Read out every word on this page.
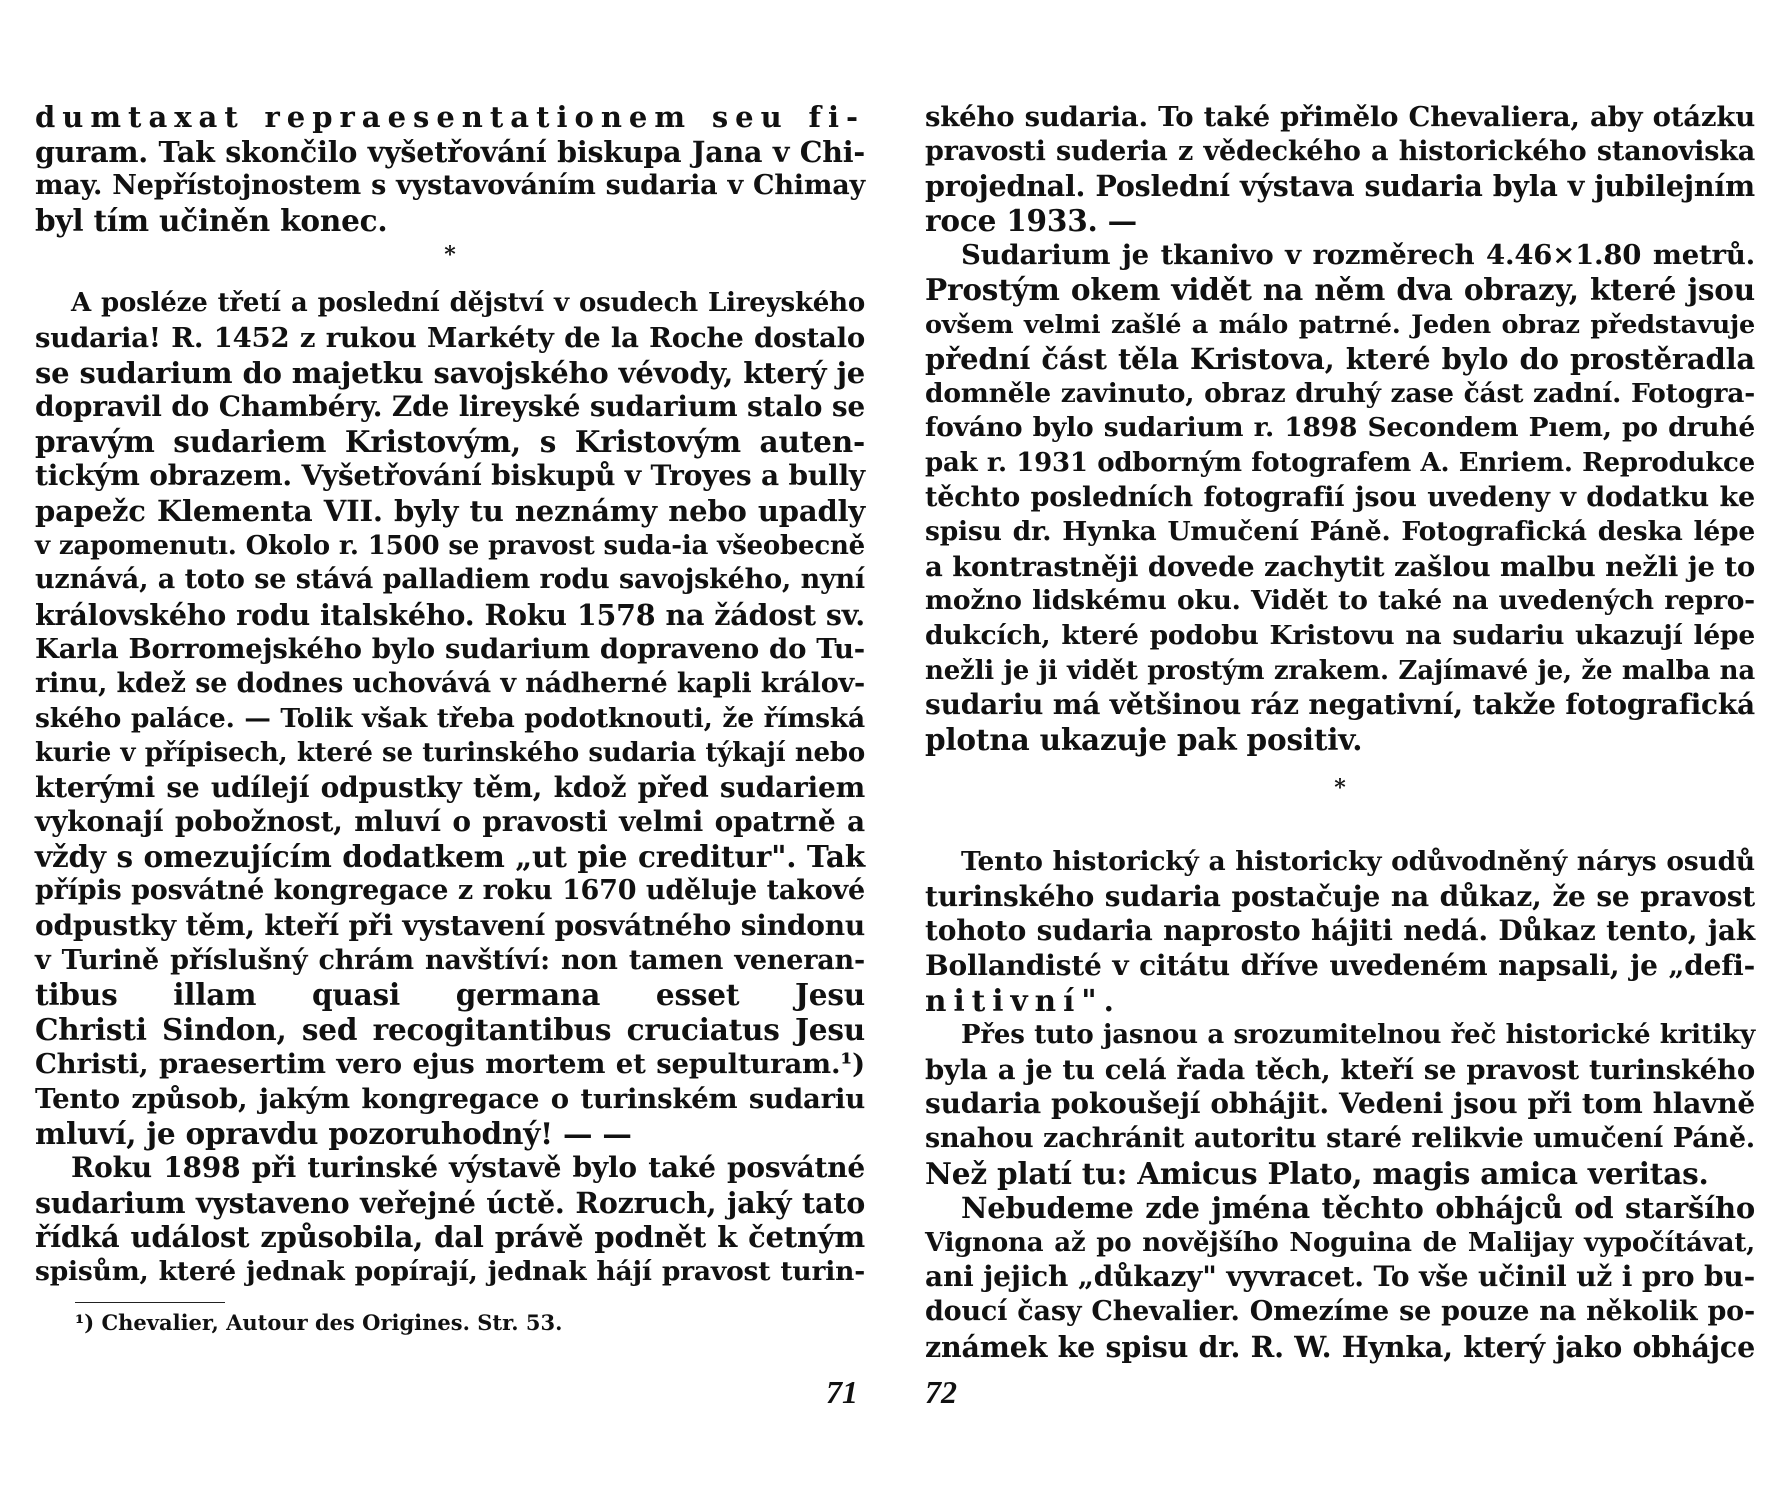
dumtaxat repraesentationem seu fi-
guram. Tak skončilo vyšetřování biskupa Jana v Chi-
may. Nepřístojnostem s vystavováním sudaria v Chimay
byl tím učiněn konec.
*
A posléze třetí a poslední dějství v osudech Lireyského
sudaria! R. 1452 z rukou Markéty de la Roche dostalo
se sudarium do majetku savojského vévody, který je
dopravil do Chambéry. Zde lireyské sudarium stalo se
pravým sudariem Kristovým, s Kristovým auten-
tickým obrazem. Vyšetřování biskupů v Troyes a bully
papežc Klementa VII. byly tu neznámy nebo upadly
v zapomenutı. Okolo r. 1500 se pravost suda-ia všeobecně
uznává, a toto se stává palladiem rodu savojského, nyní
královského rodu italského. Roku 1578 na žádost sv.
Karla Borromejského bylo sudarium dopraveno do Tu-
rinu, kdež se dodnes uchovává v nádherné kapli králov-
ského paláce. — Tolik však třeba podotknouti, že římská
kurie v přípisech, které se turinského sudaria týkají nebo
kterými se udílejí odpustky těm, kdož před sudariem
vykonají pobožnost, mluví o pravosti velmi opatrně a
vždy s omezujícím dodatkem „ut pie creditur". Tak
přípis posvátné kongregace z roku 1670 uděluje takové
odpustky těm, kteří při vystavení posvátného sindonu
v Turině příslušný chrám navštíví: non tamen veneran-
tibus illam quasi germana esset Jesu
Christi Sindon, sed recogitantibus cruciatus Jesu
Christi, praesertim vero ejus mortem et sepulturam.¹)
Tento způsob, jakým kongregace o turinském sudariu
mluví, je opravdu pozoruhodný! — —
Roku 1898 při turinské výstavě bylo také posvátné
sudarium vystaveno veřejné úctě. Rozruch, jaký tato
řídká událost způsobila, dal právě podnět k četným
spisům, které jednak popírají, jednak hájí pravost turin-
¹) Chevalier, Autour des Origines. Str. 53.
ského sudaria. To také přimělo Chevaliera, aby otázku
pravosti suderia z vědeckého a historického stanoviska
projednal. Poslední výstava sudaria byla v jubilejním
roce 1933. —
Sudarium je tkanivo v rozměrech 4.46×1.80 metrů.
Prostým okem vidět na něm dva obrazy, které jsou
ovšem velmi zašlé a málo patrné. Jeden obraz představuje
přední část těla Kristova, které bylo do prostěradla
domněle zavinuto, obraz druhý zase část zadní. Fotogra-
fováno bylo sudarium r. 1898 Secondem Pıem, po druhé
pak r. 1931 odborným fotografem A. Enriem. Reprodukce
těchto posledních fotografií jsou uvedeny v dodatku ke
spisu dr. Hynka Umučení Páně. Fotografická deska lépe
a kontrastněji dovede zachytit zašlou malbu nežli je to
možno lidskému oku. Vidět to také na uvedených repro-
dukcích, které podobu Kristovu na sudariu ukazují lépe
nežli je ji vidět prostým zrakem. Zajímavé je, že malba na
sudariu má většinou ráz negativní, takže fotografická
plotna ukazuje pak positiv.
*
Tento historický a historicky odůvodněný nárys osudů
turinského sudaria postačuje na důkaz, že se pravost
tohoto sudaria naprosto hájiti nedá. Důkaz tento, jak
Bollandisté v citátu dříve uvedeném napsali, je „defi-
nitivní".
Přes tuto jasnou a srozumitelnou řeč historické kritiky
byla a je tu celá řada těch, kteří se pravost turinského
sudaria pokoušejí obhájit. Vedeni jsou při tom hlavně
snahou zachránit autoritu staré relikvie umučení Páně.
Než platí tu: Amicus Plato, magis amica veritas.
Nebudeme zde jména těchto obhájců od staršího
Vignona až po novějšího Noguina de Malijay vypočítávat,
ani jejich „důkazy" vyvracet. To vše učinil už i pro bu-
doucí časy Chevalier. Omezíme se pouze na několik po-
známek ke spisu dr. R. W. Hynka, který jako obhájce
71 72
